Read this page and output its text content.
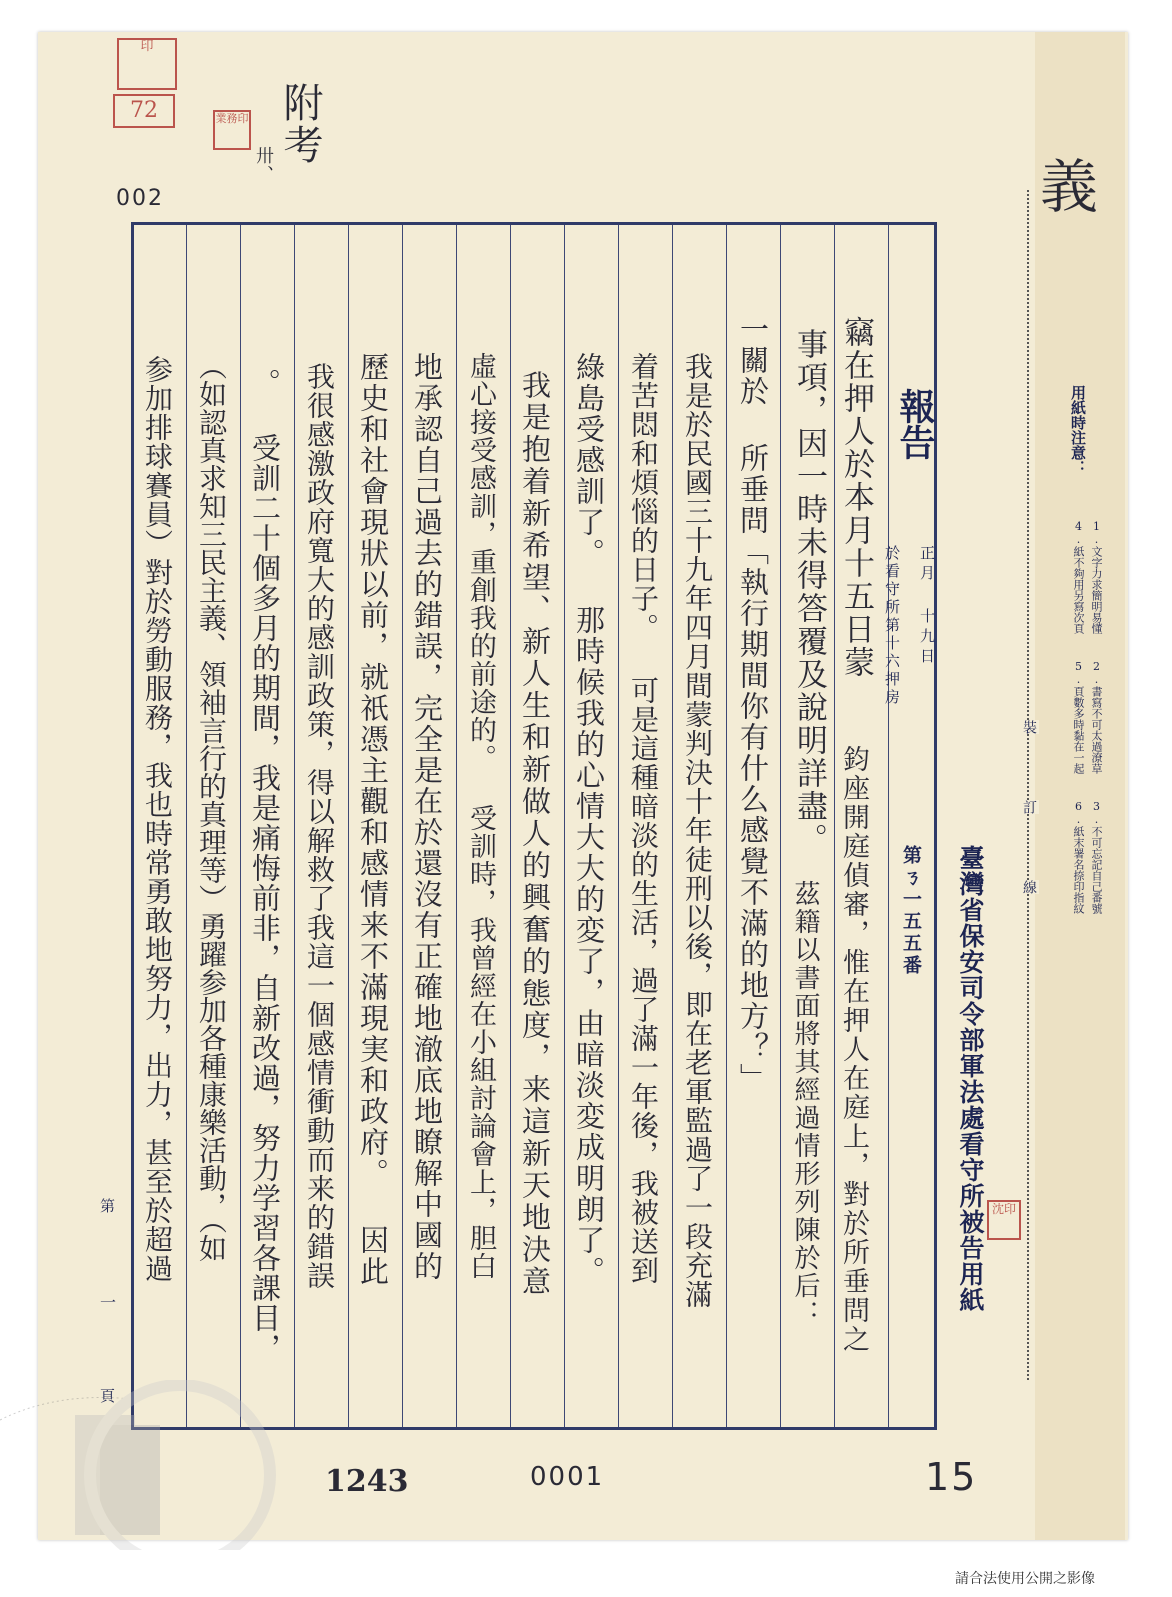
印
72	業務印 附考
卅、
002	義
裝
訂
線
用紙時注意：
1.文字力求簡明易懂
4.紙不夠用另寫次頁
2.書寫不可太過潦草
5.頁數多時黏在一起
3.不可忘記自己番號
6.紙末署名捺印指紋
臺灣省保安司令部軍法處看守所被告用紙 沈印
報告
正月 十九日
於看守所第十六押房
第ㄋ一五五番
竊在押人於本月十五日蒙
鈞座開庭偵審，惟在押人在庭上，對於所垂問之
事項，因一時未得答覆及說明詳盡。
一關於 所垂問「執行期間你有什么感覺不滿的地方？」
茲籍以書面將其經過情形列陳於后：
我是於民國三十九年四月間蒙判決十年徒刑以後，即在老軍監過了一段充滿
着苦悶和煩惱的日子。 可是這種暗淡的生活，過了滿一年後，我被送到
綠島受感訓了。 那時候我的心情大大的変了，由暗淡変成明朗了。
我是抱着新希望、新人生和新做人的興奮的態度，来這新天地決意
虛心接受感訓，重創我的前途的。 受訓時，我曾經在小組討論會上，胆白
地承認自己過去的錯誤，完全是在於還沒有正確地澈底地瞭解中國的
歷史和社會現狀以前，就祇憑主觀和感情来不滿現実和政府。 因此
我很感激政府寬大的感訓政策，得以解救了我這一個感情衝動而来的錯誤
。 受訓二十個多月的期間，我是痛悔前非，自新改過，努力学習各課目，
（如認真求知三民主義、領袖言行的真理等）勇躍参加各種康樂活動，（如
参加排球賽員）對於勞動服務，我也時常勇敢地努力，出力，甚至於超過
第
一
頁
1243	0001	15
請合法使用公開之影像
